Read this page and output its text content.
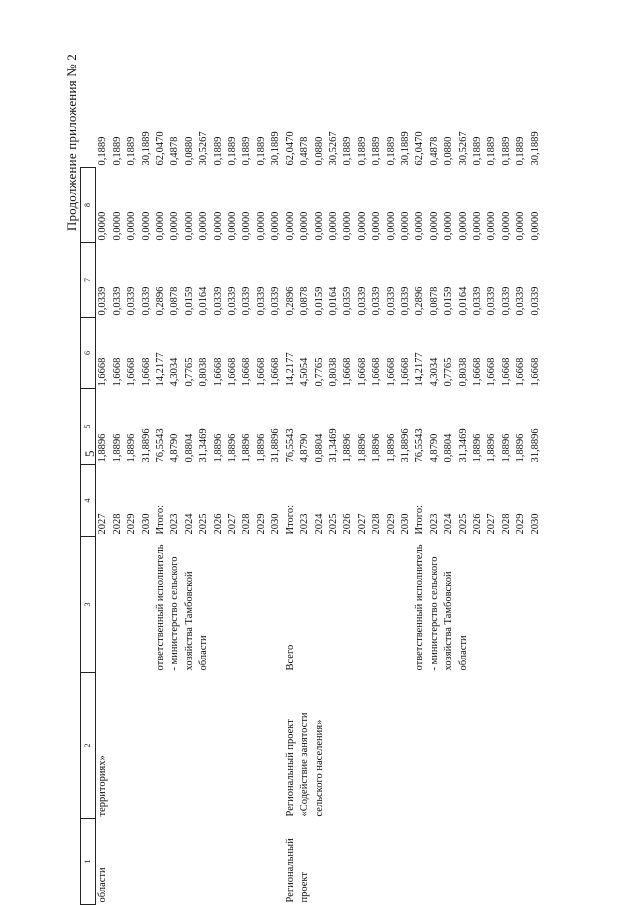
5
Продолжение приложения № 2
1	2	3	4	5	6	7	8	
области	территориях»		2027	1,8896	1,6668	0,0339	0,0000	0,1889
			2028	1,8896	1,6668	0,0339	0,0000	0,1889
			2029	1,8896	1,6668	0,0339	0,0000	0,1889
			2030	31,8896	1,6668	0,0339	0,0000	30,1889
		ответственный исполнитель - министерство сельского хозяйства Тамбовской области	Итого:	76,5543	14,2177	0,2896	0,0000	62,0470
			2023	4,8790	4,3034	0,0878	0,0000	0,4878
			2024	0,8804	0,7765	0,0159	0,0000	0,0880
			2025	31,3469	0,8038	0,0164	0,0000	30,5267
			2026	1,8896	1,6668	0,0339	0,0000	0,1889
			2027	1,8896	1,6668	0,0339	0,0000	0,1889
			2028	1,8896	1,6668	0,0339	0,0000	0,1889
			2029	1,8896	1,6668	0,0339	0,0000	0,1889
			2030	31,8896	1,6668	0,0339	0,0000	30,1889
Региональный проект	Региональный проект «Содействие занятости сельского населения»	Всего	Итого:	76,5543	14,2177	0,2896	0,0000	62,0470
			2023	4,8790	4,5054	0,0878	0,0000	0,4878
			2024	0,8804	0,7765	0,0159	0,0000	0,0880
			2025	31,3469	0,8038	0,0164	0,0000	30,5267
			2026	1,8896	1,6668	0,0359	0,0000	0,1889
			2027	1,8896	1,6668	0,0339	0,0000	0,1889
			2028	1,8896	1,6668	0,0339	0,0000	0,1889
			2029	1,8896	1,6668	0,0339	0,0000	0,1889
			2030	31,8896	1,6668	0,0339	0,0000	30,1889
		ответственный исполнитель - министерство сельского хозяйства Тамбовской области	Итого:	76,5543	14,2177	0,2896	0,0000	62,0470
			2023	4,8790	4,3034	0,0878	0,0000	0,4878
			2024	0,8804	0,7765	0,0159	0,0000	0,0880
			2025	31,3469	0,8038	0,0164	0,0000	30,5267
			2026	1,8896	1,6668	0,0339	0,0000	0,1889
			2027	1,8896	1,6668	0,0339	0,0000	0,1889
			2028	1,8896	1,6668	0,0339	0,0000	0,1889
			2029	1,8896	1,6668	0,0339	0,0000	0,1889
			2030	31,8896	1,6668	0,0339	0,0000	30,1889
